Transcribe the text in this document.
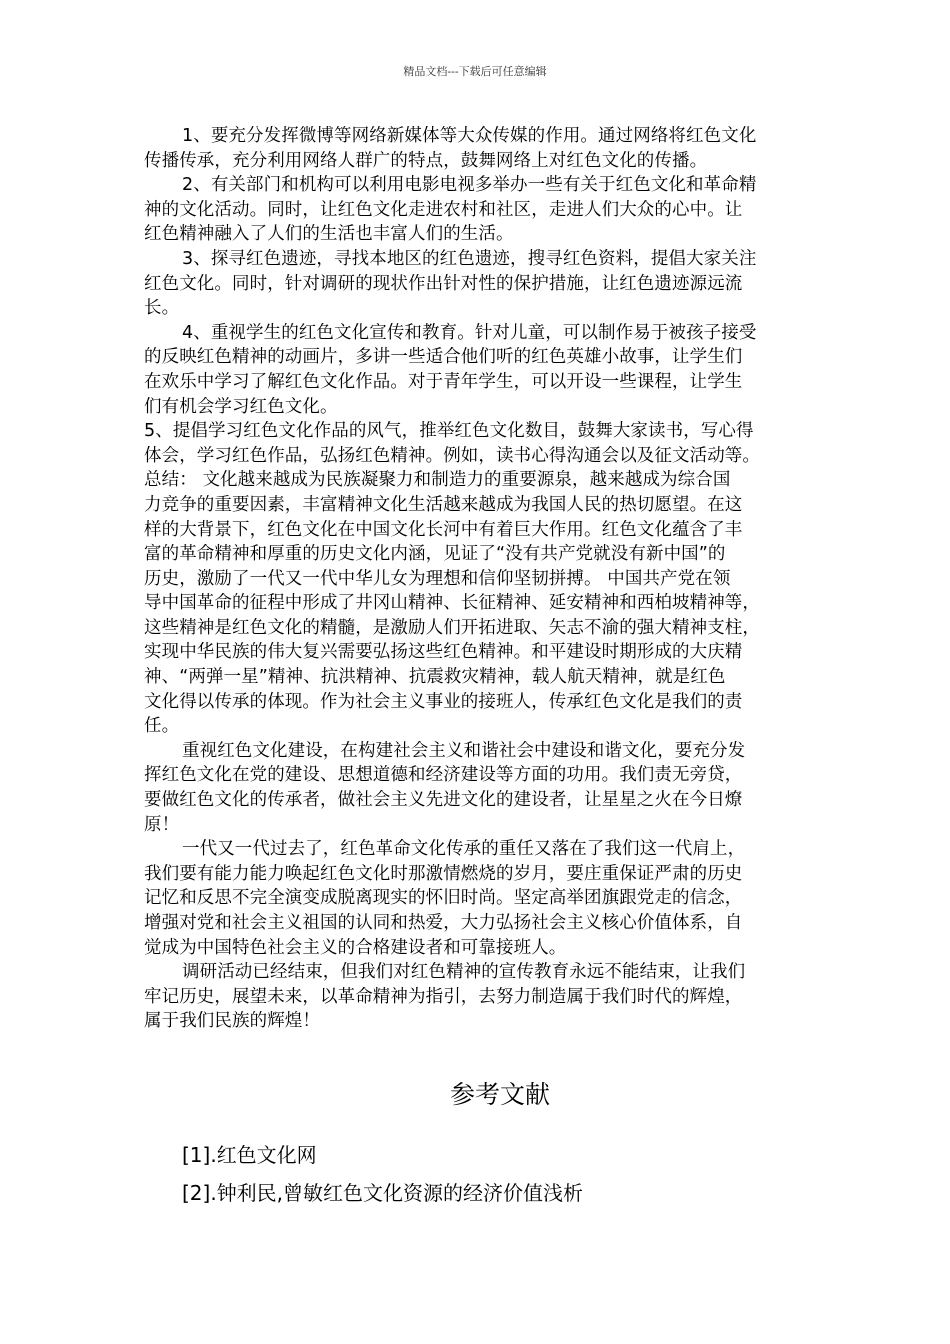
精品文档---下载后可任意编辑
1、要充分发挥微博等网络新媒体等大众传媒的作用。通过网络将红色文化
传播传承，充分利用网络人群广的特点，鼓舞网络上对红色文化的传播。
2、有关部门和机构可以利用电影电视多举办一些有关于红色文化和革命精
神的文化活动。同时，让红色文化走进农村和社区，走进人们大众的心中。让
红色精神融入了人们的生活也丰富人们的生活。
3、探寻红色遗迹，寻找本地区的红色遗迹，搜寻红色资料，提倡大家关注
红色文化。同时，针对调研的现状作出针对性的保护措施，让红色遗迹源远流
长。
4、重视学生的红色文化宣传和教育。针对儿童，可以制作易于被孩子接受
的反映红色精神的动画片，多讲一些适合他们听的红色英雄小故事，让学生们
在欢乐中学习了解红色文化作品。对于青年学生，可以开设一些课程，让学生
们有机会学习红色文化。
5、提倡学习红色文化作品的风气，推举红色文化数目，鼓舞大家读书，写心得
体会，学习红色作品，弘扬红色精神。例如，读书心得沟通会以及征文活动等。
总结： 文化越来越成为民族凝聚力和制造力的重要源泉，越来越成为综合国
力竞争的重要因素，丰富精神文化生活越来越成为我国人民的热切愿望。在这
样的大背景下，红色文化在中国文化长河中有着巨大作用。红色文化蕴含了丰
富的革命精神和厚重的历史文化内涵，见证了“没有共产党就没有新中国”的
历史，激励了一代又一代中华儿女为理想和信仰坚韧拼搏。 中国共产党在领
导中国革命的征程中形成了井冈山精神、长征精神、延安精神和西柏坡精神等，
这些精神是红色文化的精髓，是激励人们开拓进取、矢志不渝的强大精神支柱，
实现中华民族的伟大复兴需要弘扬这些红色精神。和平建设时期形成的大庆精
神、“两弹一星”精神、抗洪精神、抗震救灾精神，载人航天精神，就是红色
文化得以传承的体现。作为社会主义事业的接班人，传承红色文化是我们的责
任。
重视红色文化建设，在构建社会主义和谐社会中建设和谐文化，要充分发
挥红色文化在党的建设、思想道德和经济建设等方面的功用。我们责无旁贷，
要做红色文化的传承者，做社会主义先进文化的建设者，让星星之火在今日燎
原！
一代又一代过去了，红色革命文化传承的重任又落在了我们这一代肩上，
我们要有能力能力唤起红色文化时那激情燃烧的岁月，要庄重保证严肃的历史
记忆和反思不完全演变成脱离现实的怀旧时尚。坚定高举团旗跟党走的信念，
增强对党和社会主义祖国的认同和热爱，大力弘扬社会主义核心价值体系，自
觉成为中国特色社会主义的合格建设者和可靠接班人。
调研活动已经结束，但我们对红色精神的宣传教育永远不能结束，让我们
牢记历史，展望未来，以革命精神为指引，去努力制造属于我们时代的辉煌，
属于我们民族的辉煌！
参考文献
[1].红色文化网
[2].钟利民,曾敏红色文化资源的经济价值浅析
